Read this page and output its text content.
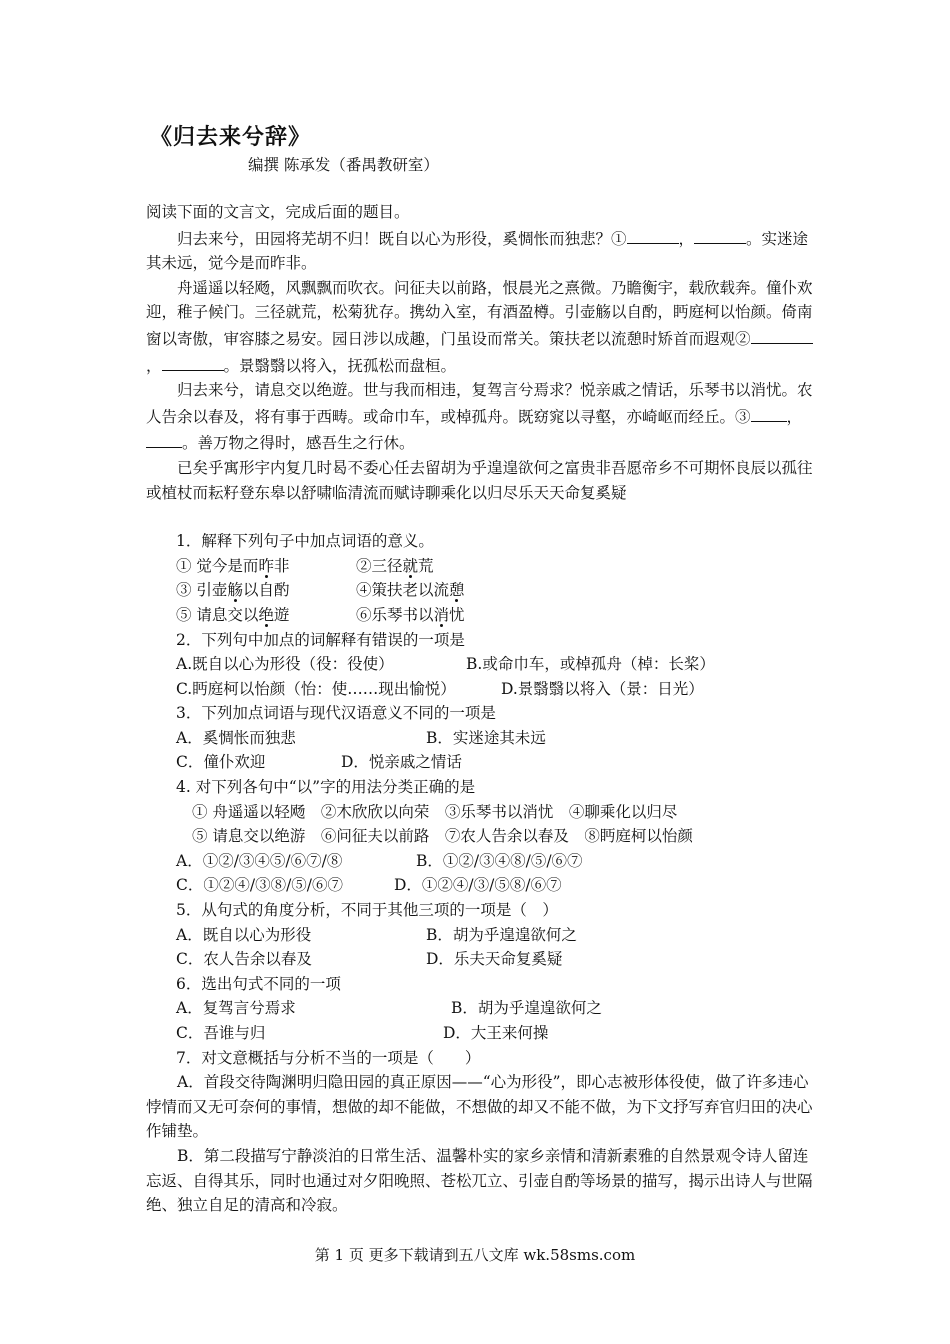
《归去来兮辞》
编撰 陈承发（番禺教研室）

阅读下面的文言文，完成后面的题目。

归去来兮，田园将芜胡不归！既自以心为形役，奚惆怅而独悲？①	，	。实迷途其未远，觉今是而昨非。

舟遥遥以轻飏，风飘飘而吹衣。问征夫以前路，恨晨光之熹微。乃瞻衡宇，载欣载奔。僮仆欢迎，稚子候门。三径就荒，松菊犹存。携幼入室，有酒盈樽。引壶觞以自酌，眄庭柯以怡颜。倚南窗以寄傲，审容膝之易安。园日涉以成趣，门虽设而常关。策扶老以流憩时矫首而遐观②，	。景翳翳以将入，抚孤松而盘桓。

归去来兮，请息交以绝遊。世与我而相违，复驾言兮焉求？悦亲戚之情话，乐琴书以消忧。农人告余以春及，将有事于西畴。或命巾车，或棹孤舟。既窈窕以寻壑，亦崎岖而经丘。③ ，。善万物之得时，感吾生之行休。

已矣乎寓形宇内复几时曷不委心任去留胡为乎遑遑欲何之富贵非吾愿帝乡不可期怀良辰以孤往或植杖而耘籽登东皋以舒啸临清流而赋诗聊乘化以归尽乐天天命复奚疑

1．解释下列句子中加点词语的意义。

① 觉今是而昨非	②三径就荒
③ 引壶觞以自酌	④策扶老以流憩
⑤ 请息交以绝遊	⑥乐琴书以消忧

2．下列句中加点的词解释有错误的一项是

A.既自以心为形役（役：役使）	B.或命巾车，或棹孤舟（棹：长桨）
C.眄庭柯以怡颜（怡：使……现出愉悦）	D.景翳翳以将入（景：日光）

3．下列加点词语与现代汉语意义不同的一项是

A．奚惆怅而独悲	B．实迷途其未远
C．僮仆欢迎	D．悦亲戚之情话

4. 对下列各句中“以”字的用法分类正确的是

① 舟遥遥以轻飏　②木欣欣以向荣　③乐琴书以消忧　④聊乘化以归尽

⑤ 请息交以绝游　⑥问征夫以前路　⑦农人告余以春及　⑧眄庭柯以怡颜

A．①②/③④⑤/⑥⑦/⑧	B．①②/③④⑧/⑤/⑥⑦
C．①②④/③⑧/⑤/⑥⑦	D．①②④/③/⑤⑧/⑥⑦

5．从句式的角度分析，不同于其他三项的一项是（　）

A．既自以心为形役	B．胡为乎遑遑欲何之
C．农人告余以春及	D．乐夫天命复奚疑

6．选出句式不同的一项

A．复驾言兮焉求	B．胡为乎遑遑欲何之
C．吾谁与归	D．大王来何操

7．对文意概括与分析不当的一项是（　　）

A．首段交待陶渊明归隐田园的真正原因——“心为形役”，即心志被形体役使，做了许多违心悖情而又无可奈何的事情，想做的却不能做，不想做的却又不能不做，为下文抒写弃官归田的决心作铺垫。

B．第二段描写宁静淡泊的日常生活、温馨朴实的家乡亲情和清新素雅的自然景观令诗人留连忘返、自得其乐，同时也通过对夕阳晚照、苍松兀立、引壶自酌等场景的描写，揭示出诗人与世隔绝、独立自足的清高和冷寂。

第 1 页 更多下载请到五八文库 wk.58sms.com
